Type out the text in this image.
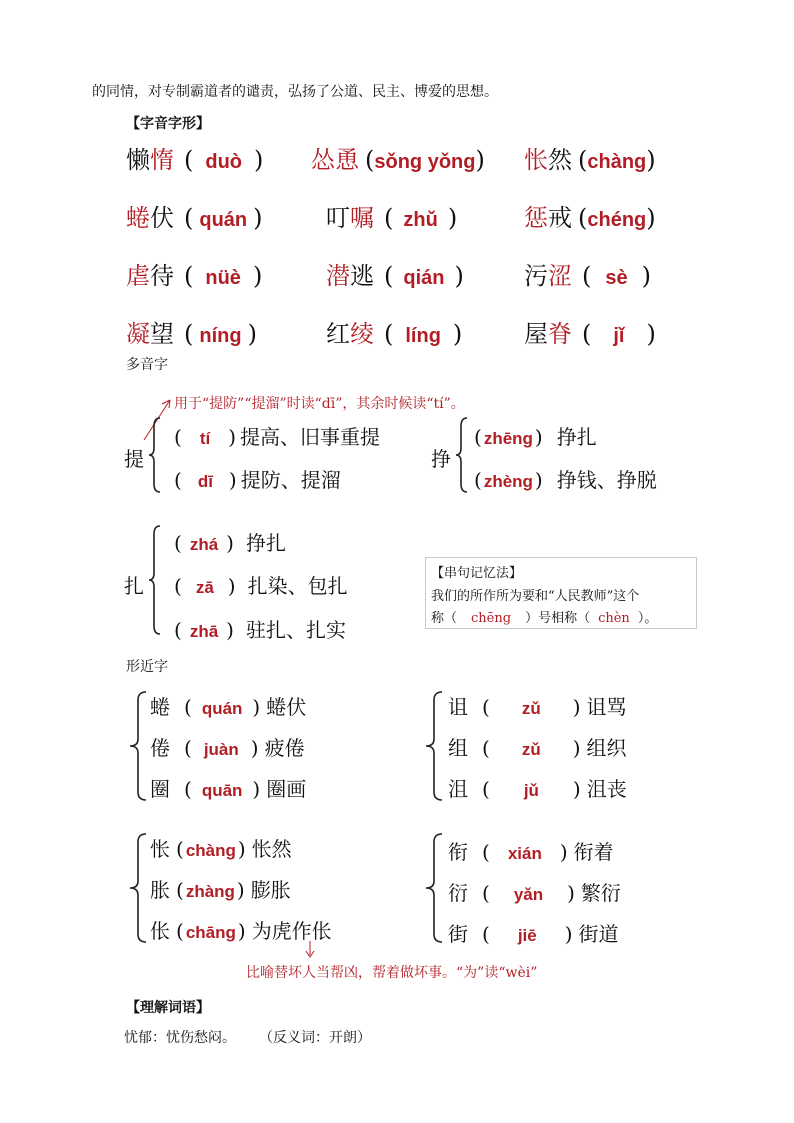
的同情，对专制霸道者的谴责，弘扬了公道、民主、博爱的思想。
【字音字形】
懒惰 ( duò ) 怂恿 (sǒng yǒng) 怅然 (chàng)
蜷伏 ( quán )	叮嘱 ( zhǔ )	惩戒 (chéng)
虐待 ( nüè )	潜逃 ( qián )	污涩 ( sè )
凝望 ( níng )	红绫 ( líng )	屋脊 ( jǐ )
多音字
用于“提防”“提溜”时读“dī”，其余时候读“tí”。
提
( tí ) 提高、旧事重提
( dī ) 提防、提溜
挣
( zhēng ) 挣扎
( zhèng ) 挣钱、挣脱
扎
( zhá ) 挣扎
( zā ) 扎染、包扎
( zhā ) 驻扎、扎实
【串句记忆法】
我们的所作所为要和“人民教师”这个
称（ chēng ）号相称（ chèn ）。
形近字
蜷 ( quán ) 蜷伏
倦 ( juàn ) 疲倦
圈 ( quān ) 圈画
诅 ( zǔ ) 诅骂
组 ( zǔ ) 组织
沮 ( jǔ ) 沮丧
怅 ( chàng ) 怅然
胀 ( zhàng ) 膨胀
伥 ( chāng ) 为虎作伥
衔 ( xián ) 衔着
衍 ( yǎn ) 繁衍
街 ( jiē ) 街道
比喻替坏人当帮凶，帮着做坏事。“为”读“wèi”
【理解词语】
忧郁：忧伤愁闷。 （反义词：开朗）
